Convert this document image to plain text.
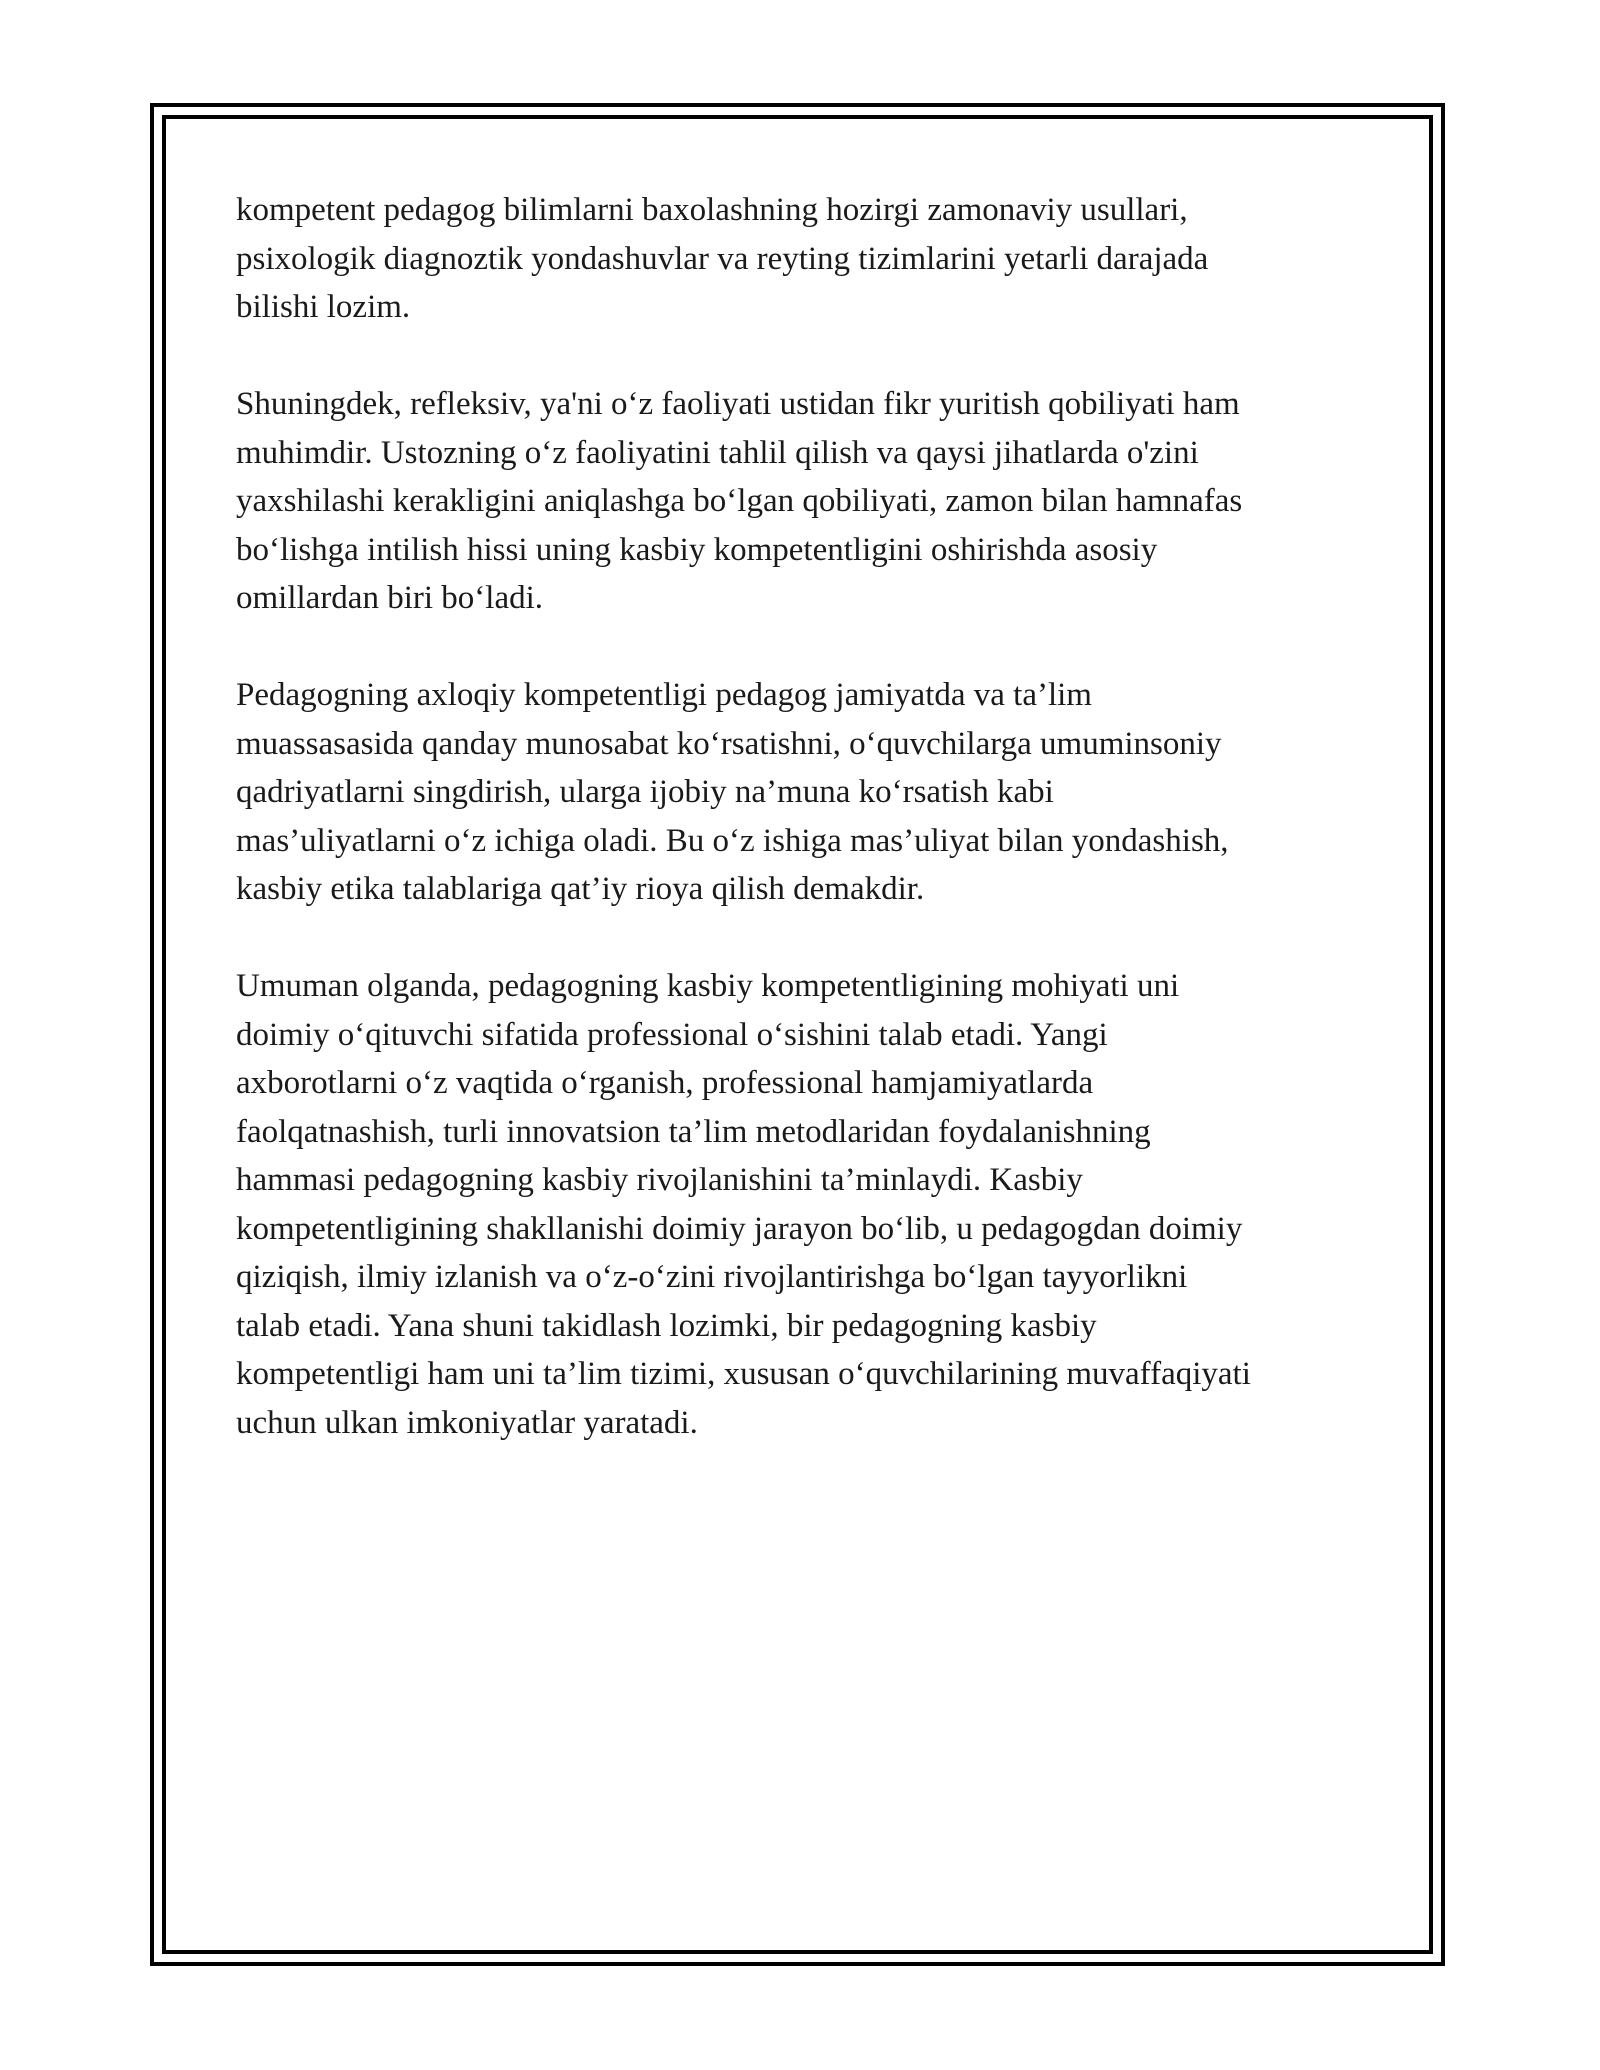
kompetent pedagog bilimlarni baxolashning hozirgi zamonaviy usullari,
psixologik diagnoztik yondashuvlar va reyting tizimlarini yetarli darajada
bilishi lozim.

Shuningdek, refleksiv, ya'ni oʻz faoliyati ustidan fikr yuritish qobiliyati ham
muhimdir. Ustozning oʻz faoliyatini tahlil qilish va qaysi jihatlarda o'zini
yaxshilashi kerakligini aniqlashga boʻlgan qobiliyati, zamon bilan hamnafas
boʻlishga intilish hissi uning kasbiy kompetentligini oshirishda asosiy
omillardan biri boʻladi.

Pedagogning axloqiy kompetentligi pedagog jamiyatda va ta’lim
muassasasida qanday munosabat koʻrsatishni, oʻquvchilarga umuminsoniy
qadriyatlarni singdirish, ularga ijobiy na’muna koʻrsatish kabi
mas’uliyatlarni oʻz ichiga oladi. Bu oʻz ishiga mas’uliyat bilan yondashish,
kasbiy etika talablariga qat’iy rioya qilish demakdir.

Umuman olganda, pedagogning kasbiy kompetentligining mohiyati uni
doimiy oʻqituvchi sifatida professional oʻsishini talab etadi. Yangi
axborotlarni oʻz vaqtida oʻrganish, professional hamjamiyatlarda
faolqatnashish, turli innovatsion ta’lim metodlaridan foydalanishning
hammasi pedagogning kasbiy rivojlanishini ta’minlaydi. Kasbiy
kompetentligining shakllanishi doimiy jarayon boʻlib, u pedagogdan doimiy
qiziqish, ilmiy izlanish va oʻz-oʻzini rivojlantirishga boʻlgan tayyorlikni
talab etadi. Yana shuni takidlash lozimki, bir pedagogning kasbiy
kompetentligi ham uni ta’lim tizimi, xususan oʻquvchilarining muvaffaqiyati
uchun ulkan imkoniyatlar yaratadi.
